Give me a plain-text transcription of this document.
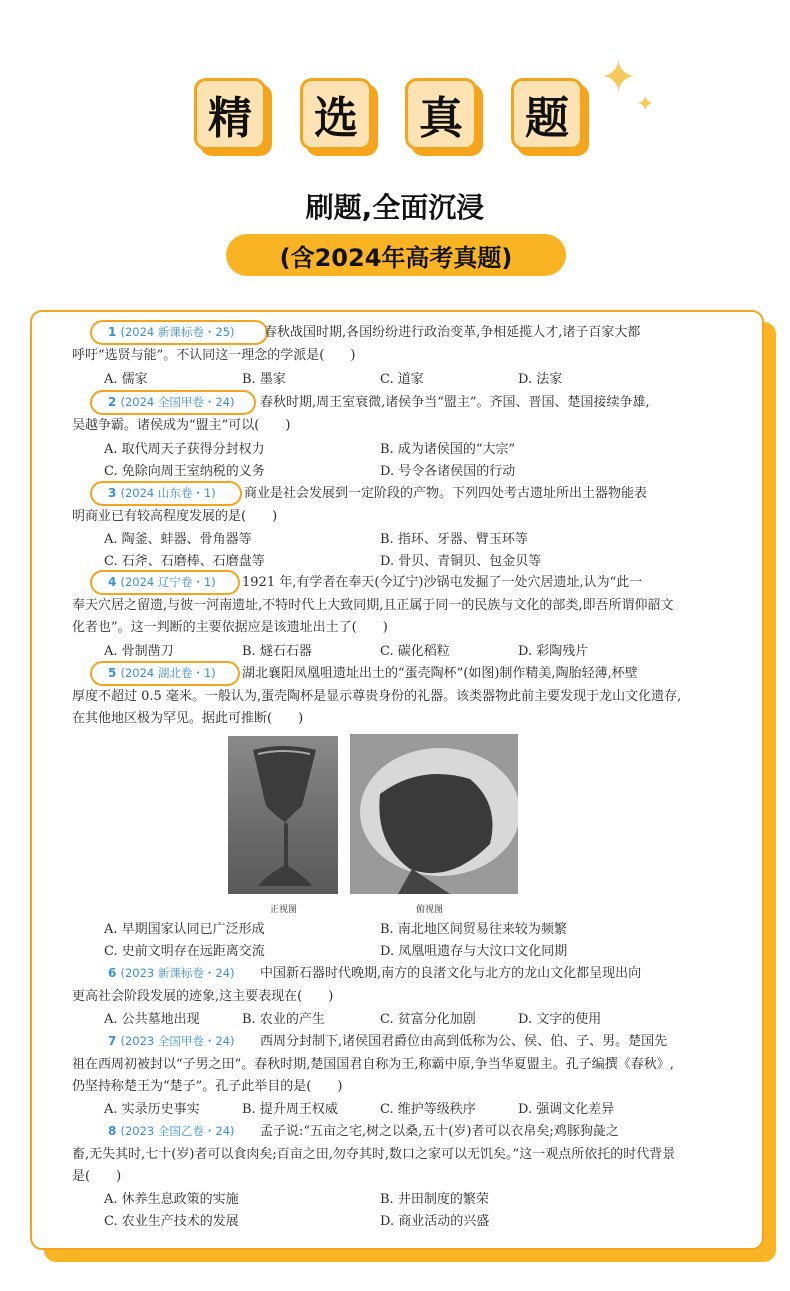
精	选	真	题
✦
✦
刷题,全面沉浸
(含2024年高考真题)
1 (2024 新课标卷・25) 春秋战国时期,各国纷纷进行政治变革,争相延揽人才,诸子百家大都
呼吁“选贤与能”。不认同这一理念的学派是(　　)
A. 儒家	B. 墨家	C. 道家	D. 法家
2 (2024 全国甲卷・24) 春秋时期,周王室衰微,诸侯争当“盟主”。齐国、晋国、楚国接续争雄,
吴越争霸。诸侯成为“盟主”可以(　　)
A. 取代周天子获得分封权力	B. 成为诸侯国的“大宗”
C. 免除向周王室纳税的义务	D. 号令各诸侯国的行动
3 (2024 山东卷・1) 商业是社会发展到一定阶段的产物。下列四处考古遗址所出土器物能表
明商业已有较高程度发展的是(　　)
A. 陶釜、蚌器、骨角器等	B. 指环、牙器、臂玉环等
C. 石斧、石磨棒、石磨盘等	D. 骨贝、青铜贝、包金贝等
4 (2024 辽宁卷・1) 1921 年,有学者在奉天(今辽宁)沙锅屯发掘了一处穴居遗址,认为“此一
奉天穴居之留遗,与彼一河南遗址,不特时代上大致同期,且正属于同一的民族与文化的部类,即吾所谓仰韶文化者也”。这一判断的主要依据应是该遗址出土了(　　)
A. 骨制凿刀	B. 燧石石器	C. 碳化稻粒	D. 彩陶残片
5 (2024 湖北卷・1) 湖北襄阳凤凰咀遗址出土的“蛋壳陶杯”(如图)制作精美,陶胎轻薄,杯壁
厚度不超过 0.5 毫米。一般认为,蛋壳陶杯是显示尊贵身份的礼器。该类器物此前主要发现于龙山文化遗存,在其他地区极为罕见。据此可推断(　　)
正视图	俯视图
A. 早期国家认同已广泛形成	B. 南北地区间贸易往来较为频繁
C. 史前文明存在远距离交流	D. 凤凰咀遗存与大汶口文化同期
6 (2023 新课标卷・24) 中国新石器时代晚期,南方的良渚文化与北方的龙山文化都呈现出向
更高社会阶段发展的迹象,这主要表现在(　　)
A. 公共墓地出现	B. 农业的产生	C. 贫富分化加剧	D. 文字的使用
7 (2023 全国甲卷・24) 西周分封制下,诸侯国君爵位由高到低称为公、侯、伯、子、男。楚国先
祖在西周初被封以“子男之田”。春秋时期,楚国国君自称为王,称霸中原,争当华夏盟主。孔子编撰《春秋》,仍坚持称楚王为“楚子”。孔子此举目的是(　　)
A. 实录历史事实	B. 提升周王权威	C. 维护等级秩序	D. 强调文化差异
8 (2023 全国乙卷・24) 孟子说:“五亩之宅,树之以桑,五十(岁)者可以衣帛矣;鸡豚狗彘之
畜,无失其时,七十(岁)者可以食肉矣;百亩之田,勿夺其时,数口之家可以无饥矣。”这一观点所依托的时代背景是(　　)
A. 休养生息政策的实施	B. 井田制度的繁荣
C. 农业生产技术的发展	D. 商业活动的兴盛
